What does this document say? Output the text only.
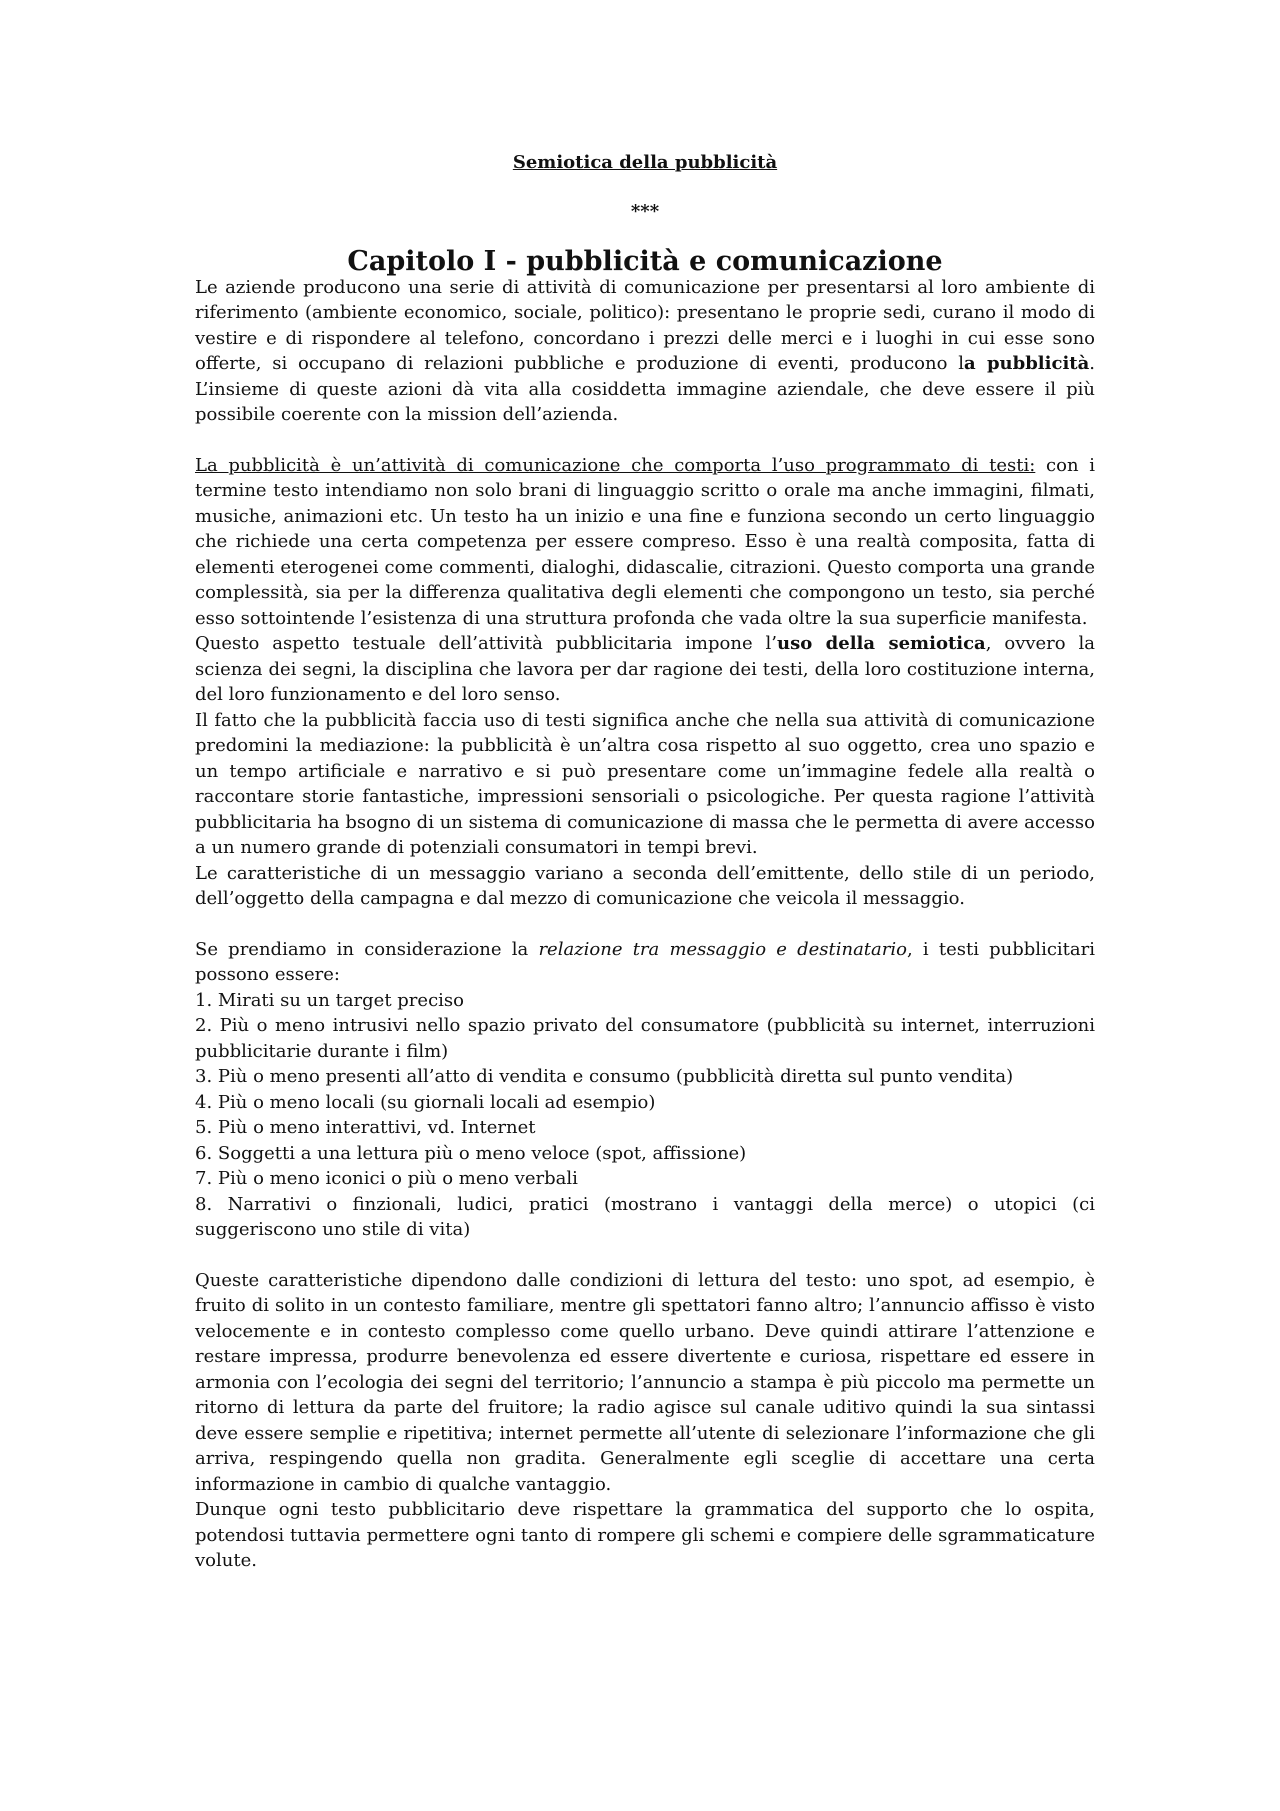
Semiotica della pubblicità
***
Capitolo I - pubblicità e comunicazione

Le aziende producono una serie di attività di comunicazione per presentarsi al loro ambiente di riferimento (ambiente economico, sociale, politico): presentano le proprie sedi, curano il modo di vestire e di rispondere al telefono, concordano i prezzi delle merci e i luoghi in cui esse sono offerte, si occupano di relazioni pubbliche e produzione di eventi, producono la pubblicità. L’insieme di queste azioni dà vita alla cosiddetta immagine aziendale, che deve essere il più possibile coerente con la mission dell’azienda.

La pubblicità è un’attività di comunicazione che comporta l’uso programmato di testi: con i termine testo intendiamo non solo brani di linguaggio scritto o orale ma anche immagini, filmati, musiche, animazioni etc. Un testo ha un inizio e una fine e funziona secondo un certo linguaggio che richiede una certa competenza per essere compreso. Esso è una realtà composita, fatta di elementi eterogenei come commenti, dialoghi, didascalie, citrazioni. Questo comporta una grande complessità, sia per la differenza qualitativa degli elementi che compongono un testo, sia perché esso sottointende l’esistenza di una struttura profonda che vada oltre la sua superficie manifesta.

Questo aspetto testuale dell’attività pubblicitaria impone l’uso della semiotica, ovvero la scienza dei segni, la disciplina che lavora per dar ragione dei testi, della loro costituzione interna, del loro funzionamento e del loro senso.

Il fatto che la pubblicità faccia uso di testi significa anche che nella sua attività di comunicazione predomini la mediazione: la pubblicità è un’altra cosa rispetto al suo oggetto, crea uno spazio e un tempo artificiale e narrativo e si può presentare come un’immagine fedele alla realtà o raccontare storie fantastiche, impressioni sensoriali o psicologiche. Per questa ragione l’attività pubblicitaria ha bsogno di un sistema di comunicazione di massa che le permetta di avere accesso a un numero grande di potenziali consumatori in tempi brevi.

Le caratteristiche di un messaggio variano a seconda dell’emittente, dello stile di un periodo, dell’oggetto della campagna e dal mezzo di comunicazione che veicola il messaggio.

Se prendiamo in considerazione la relazione tra messaggio e destinatario, i testi pubblicitari possono essere:

1. Mirati su un target preciso
2. Più o meno intrusivi nello spazio privato del consumatore (pubblicità su internet, interruzioni pubblicitarie durante i film)
3. Più o meno presenti all’atto di vendita e consumo (pubblicità diretta sul punto vendita)
4. Più o meno locali (su giornali locali ad esempio)
5. Più o meno interattivi, vd. Internet
6. Soggetti a una lettura più o meno veloce (spot, affissione)
7. Più o meno iconici o più o meno verbali
8. Narrativi o finzionali, ludici, pratici (mostrano i vantaggi della merce) o utopici (ci suggeriscono uno stile di vita)

Queste caratteristiche dipendono dalle condizioni di lettura del testo: uno spot, ad esempio, è fruito di solito in un contesto familiare, mentre gli spettatori fanno altro; l’annuncio affisso è visto velocemente e in contesto complesso come quello urbano. Deve quindi attirare l’attenzione e restare impressa, produrre benevolenza ed essere divertente e curiosa, rispettare ed essere in armonia con l’ecologia dei segni del territorio; l’annuncio a stampa è più piccolo ma permette un ritorno di lettura da parte del fruitore; la radio agisce sul canale uditivo quindi la sua sintassi deve essere semplie e ripetitiva; internet permette all’utente di selezionare l’informazione che gli arriva, respingendo quella non gradita. Generalmente egli sceglie di accettare una certa informazione in cambio di qualche vantaggio.

Dunque ogni testo pubblicitario deve rispettare la grammatica del supporto che lo ospita, potendosi tuttavia permettere ogni tanto di rompere gli schemi e compiere delle sgrammaticature volute.
